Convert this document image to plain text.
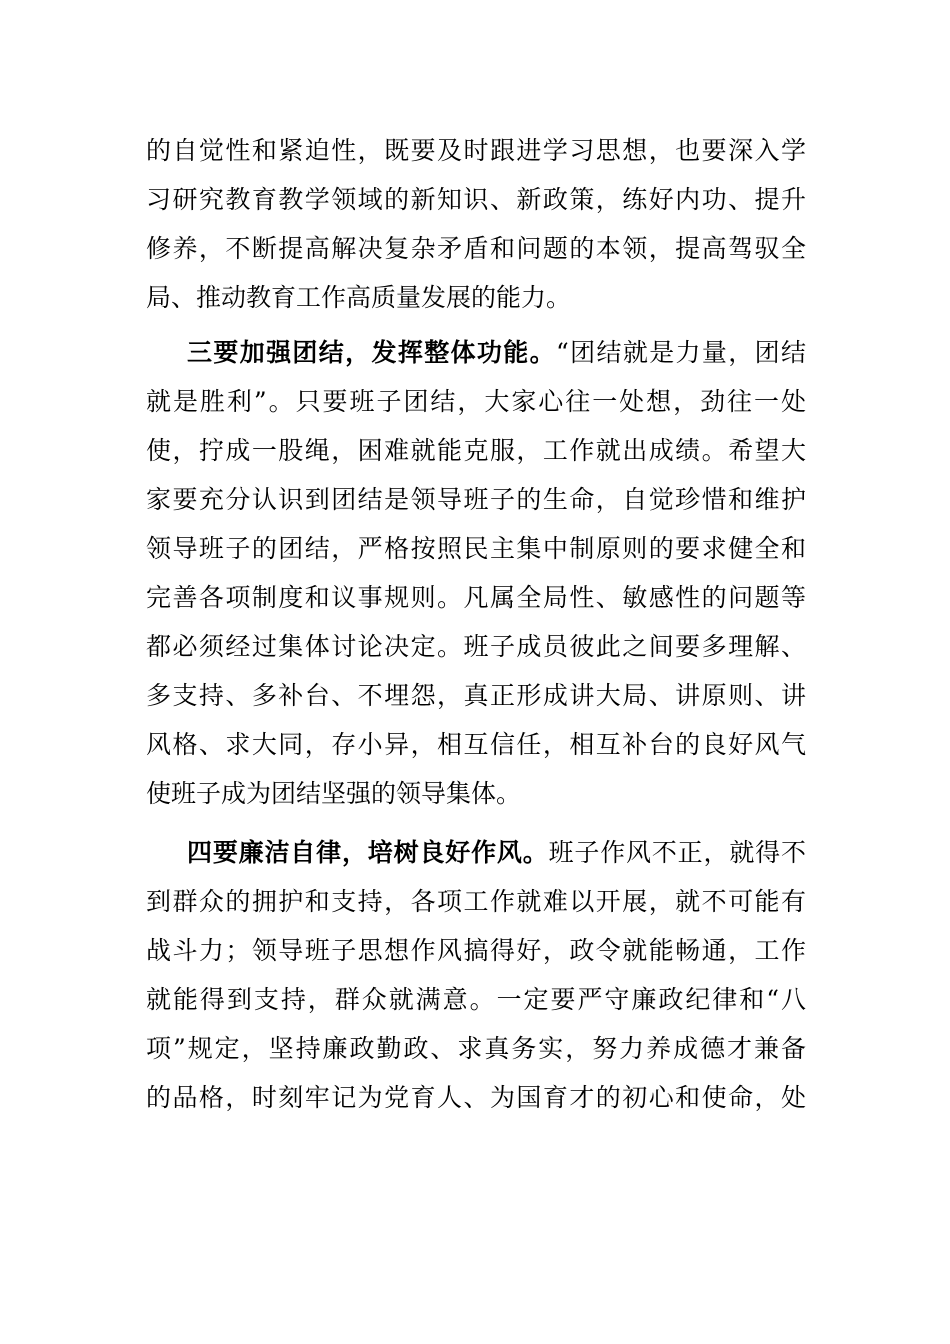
的自觉性和紧迫性，既要及时跟进学习思想，也要深入学
习研究教育教学领域的新知识、新政策，练好内功、提升
修养，不断提高解决复杂矛盾和问题的本领，提高驾驭全
局、推动教育工作高质量发展的能力。
三要加强团结，发挥整体功能。“团结就是力量，团结
就是胜利”。只要班子团结，大家心往一处想，劲往一处
使，拧成一股绳，困难就能克服，工作就出成绩。希望大
家要充分认识到团结是领导班子的生命，自觉珍惜和维护
领导班子的团结，严格按照民主集中制原则的要求健全和
完善各项制度和议事规则。凡属全局性、敏感性的问题等
都必须经过集体讨论决定。班子成员彼此之间要多理解、
多支持、多补台、不埋怨，真正形成讲大局、讲原则、讲
风格、求大同，存小异，相互信任，相互补台的良好风气
使班子成为团结坚强的领导集体。
四要廉洁自律，培树良好作风。班子作风不正，就得不
到群众的拥护和支持，各项工作就难以开展，就不可能有
战斗力；领导班子思想作风搞得好，政令就能畅通，工作
就能得到支持，群众就满意。一定要严守廉政纪律和“八
项”规定，坚持廉政勤政、求真务实，努力养成德才兼备
的品格，时刻牢记为党育人、为国育才的初心和使命，处
